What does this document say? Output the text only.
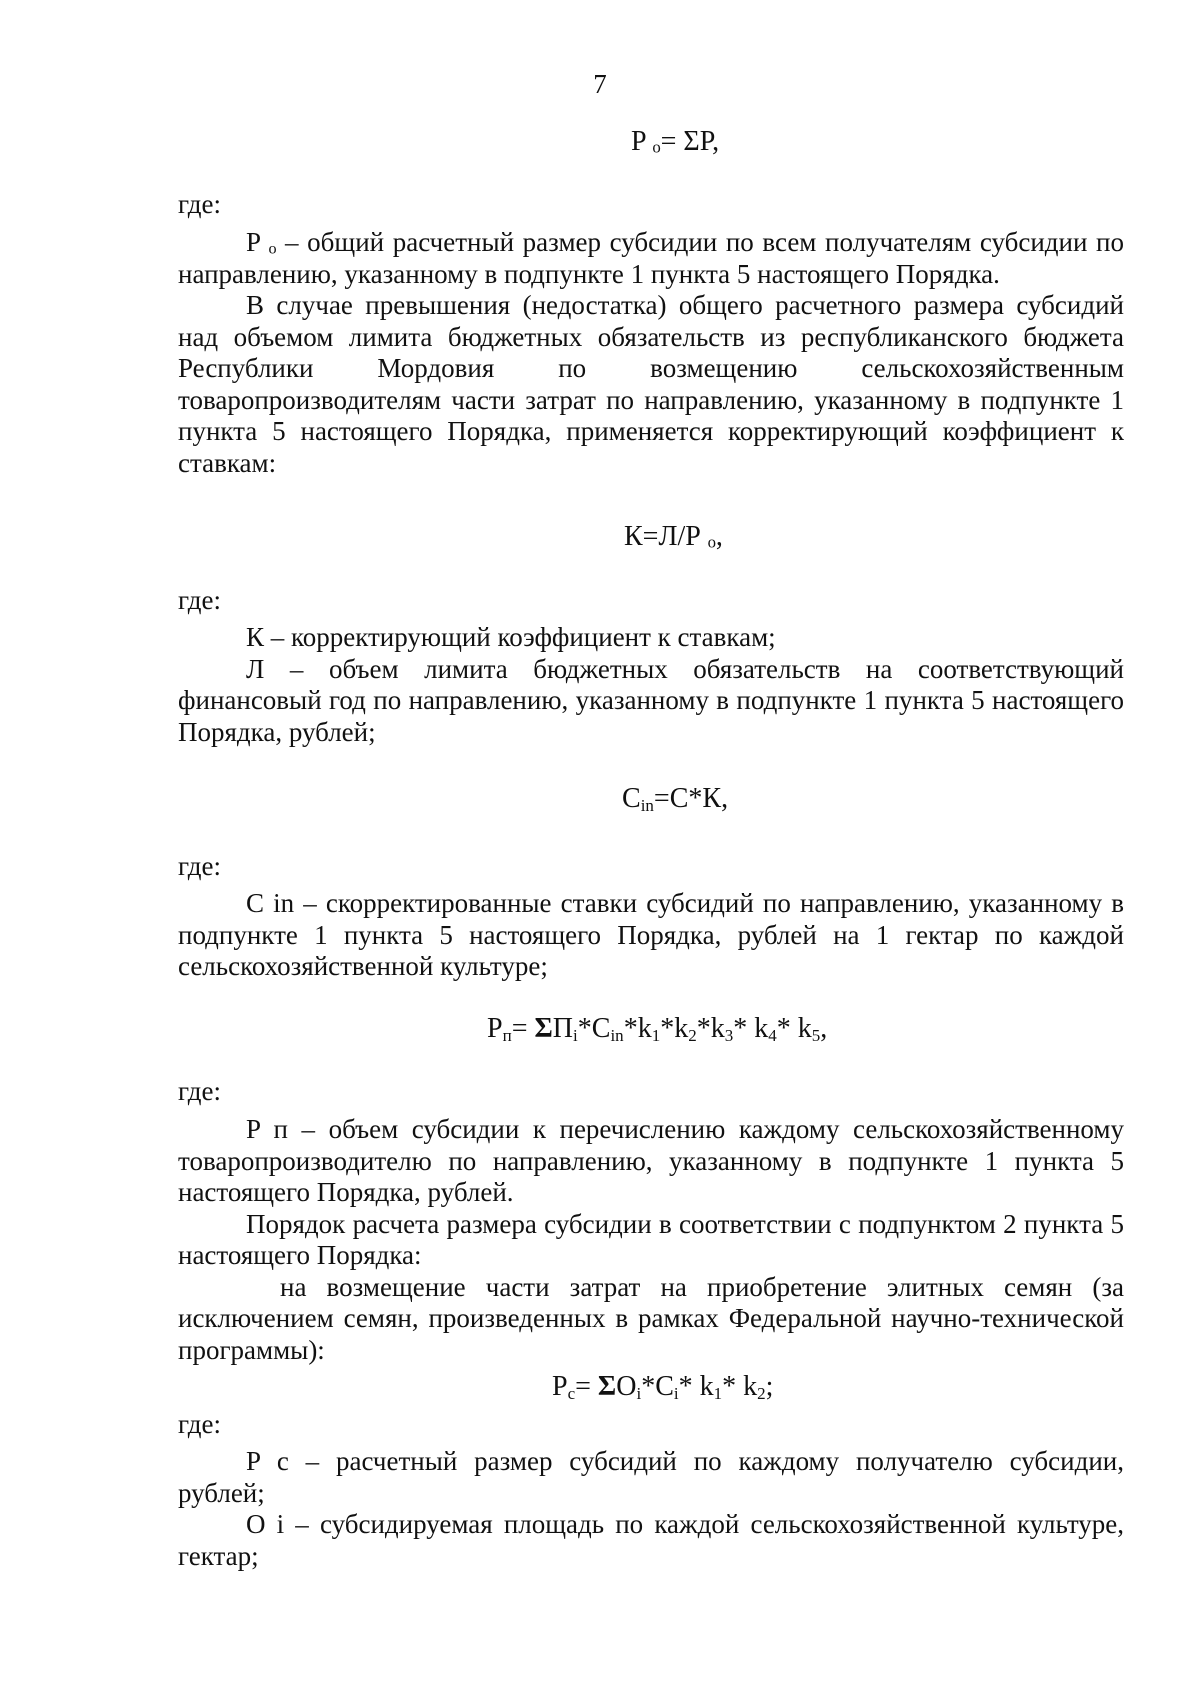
7
P ₒ= ΣP,
где:

P ₒ – общий расчетный размер субсидии по всем получателям субсидии по направлению, указанному в подпункте 1 пункта 5 настоящего Порядка.

В случае превышения (недостатка) общего расчетного размера субсидий над объемом лимита бюджетных обязательств из республиканского бюджета Республики Мордовия по возмещению сельскохозяйственным товаропроизводителям части затрат по направлению, указанному в подпункте 1 пункта 5 настоящего Порядка, применяется корректирующий коэффициент к ставкам:

К=Л/Р ₒ,
где:

К – корректирующий коэффициент к ставкам;

Л – объем лимита бюджетных обязательств на соответствующий финансовый год по направлению, указанному в подпункте 1 пункта 5 настоящего Порядка, рублей;

$C_{in}=C*К$,
где:

C in – скорректированные ставки субсидий по направлению, указанному в подпункте 1 пункта 5 настоящего Порядка, рублей на 1 гектар по каждой сельскохозяйственной культуре;

$P_п= \Sigma П_i*C_{in}*k_1*k_2*k_3*$ $k_4*$ $k_5$,
где:

P п – объем субсидии к перечислению каждому сельскохозяйственному товаропроизводителю по направлению, указанному в подпункте 1 пункта 5 настоящего Порядка, рублей.

Порядок расчета размера субсидии в соответствии с подпунктом 2 пункта 5 настоящего Порядка:

на возмещение части затрат на приобретение элитных семян (за исключением семян, произведенных в рамках Федеральной научно-технической программы):

$P_c= \Sigma O_i*C_i*$ $k_1*$ $k_2$;
где:

P c – расчетный размер субсидий по каждому получателю субсидии, рублей;

O i – субсидируемая площадь по каждой сельскохозяйственной культуре, гектар;
